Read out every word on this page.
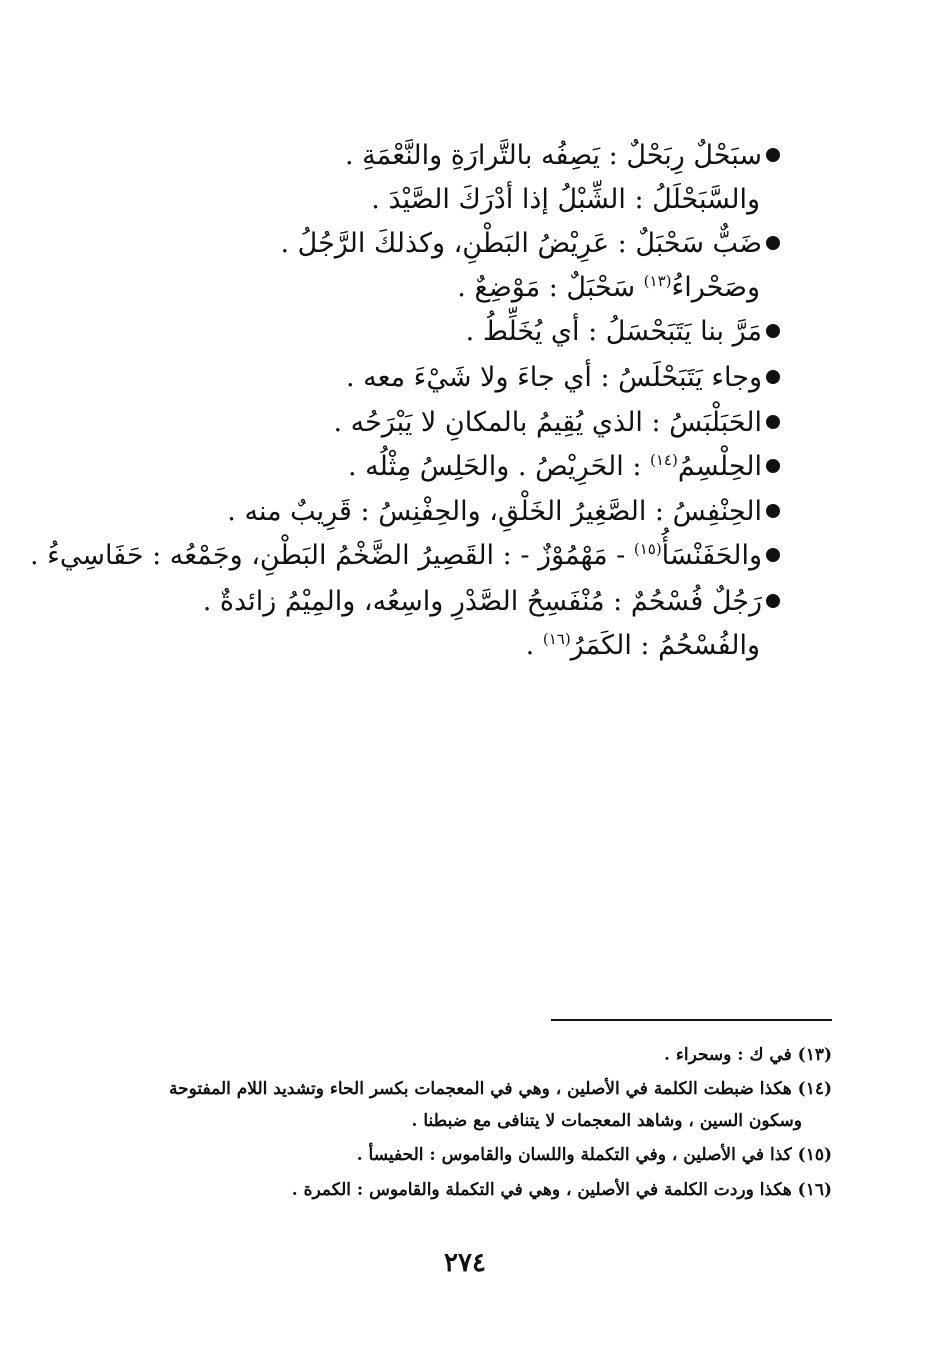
سبَحْلٌ رِبَحْلٌ : يَصِفُه بالتَّرارَةِ والنَّعْمَةِ .
والسَّبَحْلَلُ : الشِّبْلُ إذا أدْرَكَ الصَّيْدَ .
ضَبٌّ سَحْبَلٌ : عَرِيْضُ البَطْنِ، وكذلكَ الرَّجُلُ .
وصَحْراءُ$^{(١٣)}$ سَحْبَلٌ : مَوْضِعٌ .
مَرَّ بنا يَتَبَحْسَلُ : أي يُخَلِّطُ .
وجاء يَتَبَحْلَسُ : أي جاءَ ولا شَيْءَ معه .
الحَبَلْبَسُ : الذي يُقِيمُ بالمكانِ لا يَبْرَحُه .
الحِلْسِمُ$^{(١٤)}$ : الحَرِيْصُ . والحَلِسُ مِثْلُه .
الحِنْفِسُ : الصَّغِيرُ الخَلْقِ، والحِفْنِسُ : قَرِيبٌ منه .
والحَفَنْسَأُ$^{(١٥)}$ - مَهْمُوْزٌ - : القَصِيرُ الضَّخْمُ البَطْنِ، وجَمْعُه : حَفَاسِيءُ .
رَجُلٌ فُسْحُمٌ : مُنْفَسِحُ الصَّدْرِ واسِعُه، والمِيْمُ زائدةٌ .
والفُسْحُمُ : الكَمَرُ$^{(١٦)}$ .
(١٣) في ك : وسحراء .
(١٤) هكذا ضبطت الكلمة في الأصلين ، وهي في المعجمات بكسر الحاء وتشديد اللام المفتوحة
وسكون السين ، وشاهد المعجمات لا يتنافى مع ضبطنا .
(١٥) كذا في الأصلين ، وفي التكملة واللسان والقاموس : الحفيسأ .
(١٦) هكذا وردت الكلمة في الأصلين ، وهي في التكملة والقاموس : الكمرة .
٢٧٤
